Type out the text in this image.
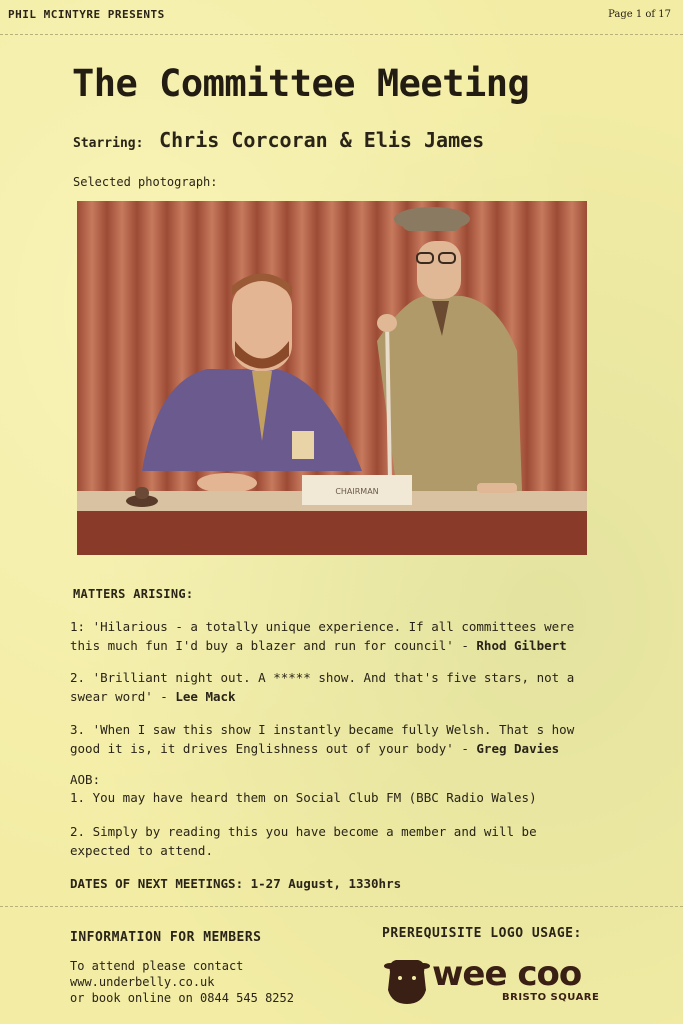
PHIL MCINTYRE PRESENTS	Page 1 of 17
The Committee Meeting
Starring: Chris Corcoran & Elis James
Selected photograph:
CHAIRMAN
MATTERS ARISING:
1: 'Hilarious - a totally unique experience. If all committees were this much fun I'd buy a blazer and run for council' - Rhod Gilbert
2. 'Brilliant night out. A ***** show. And that's five stars, not a swear word' - Lee Mack
3. 'When I saw this show I instantly became fully Welsh. That s how good it is, it drives Englishness out of your body' - Greg Davies
AOB:
1. You may have heard them on Social Club FM (BBC Radio Wales)
2. Simply by reading this you have become a member and will be expected to attend.
DATES OF NEXT MEETINGS: 1-27 August, 1330hrs
INFORMATION FOR MEMBERS
To attend please contact
www.underbelly.co.uk
or book online on 0844 545 8252
PREREQUISITE LOGO USAGE:
wee coo
BRISTO SQUARE
